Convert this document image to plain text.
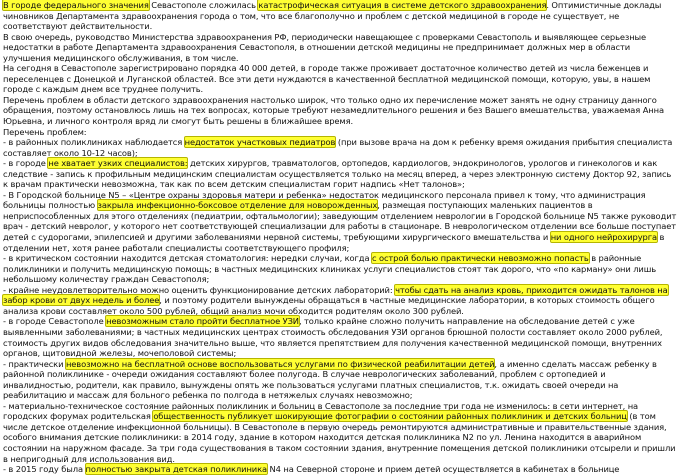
В городе федерального значения Севастополе сложилась катастрофическая ситуация в системе детского здравоохранения. Оптимистичные доклады чиновников Департамента здравоохранения города о том, что все благополучно и проблем с детской медициной в городе не существует, не соответствуют действительности.

В свою очередь, руководство Министерства здравоохранения РФ, периодически навещающее с проверками Севастополь и выявляющее серьезные недостатки в работе Департамента здравоохранения Севастополя, в отношении детской медицины не предпринимает должных мер в области улучшения медицинского обслуживания, в том числе.

На сегодня в Севастополе зарегистрировано порядка 40 000 детей, в городе также проживает достаточное количество детей из числа беженцев и переселенцев с Донецкой и Луганской областей. Все эти дети нуждаются в качественной бесплатной медицинской помощи, которую, увы, в нашем городе с каждым днем все труднее получить.

Перечень проблем в области детского здравоохранения настолько широк, что только одно их перечисление может занять не одну страницу данного обращения, поэтому остановлюсь лишь на тех вопросах, которые требуют незамедлительного решения и без Вашего вмешательства, уважаемая Анна Юрьевна, и личного контроля вряд ли смогут быть решены в ближайшее время.

Перечень проблем:

- в районных поликлиниках наблюдается недостаток участковых педиатров (при вызове врача на дом к ребенку время ожидания прибытия специалиста составляет около 10-12 часов);

- в городе не хватает узких специалистов: детских хирургов, травматологов, ортопедов, кардиологов, эндокринологов, урологов и гинекологов и как следствие - запись к профильным медицинским специалистам осуществляется только на месяц вперед, а через электронную систему Доктор 92, запись к врачам практически невозможна, так как по всем детским специалистам горит надпись «Нет талонов»;

- В Городской больнице N5 – «Центре охраны здоровья матери и ребенка» недостаток медицинского персонала привел к тому, что администрация больницы полностью закрыла инфекционно-боксовое отделение для новорожденных, размещая поступающих маленьких пациентов в неприспособленных для этого отделениях (педиатрии, офтальмологии); заведующим отделением неврологии в Городской больнице N5 также руководит врач - детский невролог, у которого нет соответствующей специализации для работы в стационаре. В неврологическом отделении все больше поступает детей с судорогами, эпилепсией и другими заболеваниями нервной системы, требующими хирургического вмешательства и ни одного нейрохирурга в отделении нет, хотя ранее работали специалисты соответствующего профиля;

- в критическом состоянии находится детская стоматология: нередки случаи, когда с острой болью практически невозможно попасть в районные поликлиники и получить медицинскую помощь; в частных медицинских клиниках услуги специалистов стоят так дорого, что «по карману» они лишь небольшому количеству граждан Севастополя;

- крайне неудовлетворительно можно оценить функционирование детских лабораторий: чтобы сдать на анализ кровь, приходится ожидать талонов на забор крови от двух недель и более, и поэтому родители вынуждены обращаться в частные медицинские лаборатории, в которых стоимость общего анализа крови составляет около 500 рублей, общий анализ мочи обходится родителям около 300 рублей.

- в городе Севастополе невозможным стало пройти бесплатное УЗИ, только крайне сложно получить направление на обследование детей с уже выявленными заболеваниями; в частных медицинских центрах стоимость обследования УЗИ органов брюшной полости составляет около 2000 рублей, стоимость других видов обследования значительно выше, что является препятствием для получения качественной медицинской помощи, внутренних органов, щитовидной железы, мочеполовой системы;

- практически невозможно на бесплатной основе воспользоваться услугами по физической реабилитации детей, а именно сделать массаж ребенку в районной поликлинике - очереди ожидания составляют более полугода. В случае неврологических заболеваний, проблем с ортопедией и инвалидностью, родители, как правило, вынуждены опять же пользоваться услугами платных специалистов, т.к. ожидать своей очереди на реабилитацию и массаж для больного ребенка по полгода в нетяжелых случаях невозможно;

- материально-техническое состояние районных поликлиник и больниц в Севастополе за последние три года не изменилось: в сети интернет, на городских форумах родительская общественность публикует шокирующие фотографии о состоянии районных поликлиник и детских больниц (в том числе детское отделение инфекционной больницы). В Севастополе в первую очередь ремонтируются административные и правительственные здания, особого внимания детские поликлиники: в 2014 году, здание в котором находится детская поликлиника N2 по ул. Ленина находится в аварийном состоянии на наружном фасаде. За три года существования в таком состоянии здания, внутренние помещения детской поликлиники отсырели и пришли в непригодный для использования вид.

- в 2015 году была полностью закрыта детская поликлиника N4 на Северной стороне и прием детей осуществляется в кабинетах в больнице
